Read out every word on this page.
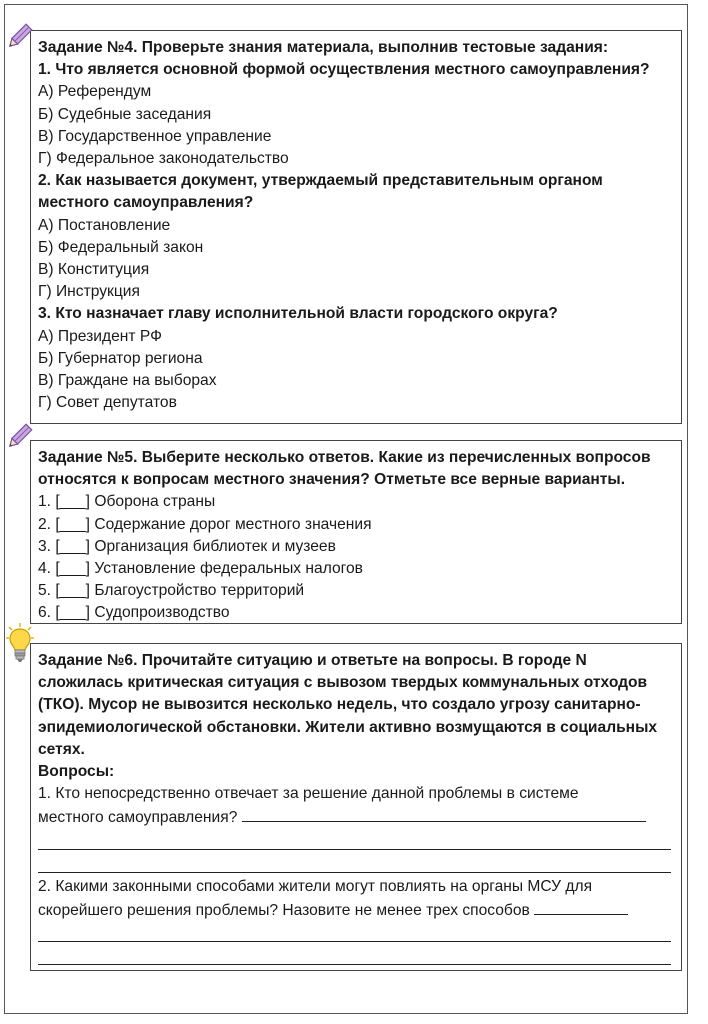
Задание №4. Проверьте знания материала, выполнив тестовые задания:
1. Что является основной формой осуществления местного самоуправления?
А) Референдум
Б) Судебные заседания
В) Государственное управление
Г) Федеральное законодательство
2. Как называется документ, утверждаемый представительным органом местного самоуправления?
А) Постановление
Б) Федеральный закон
В) Конституция
Г) Инструкция
3. Кто назначает главу исполнительной власти городского округа?
А) Президент РФ
Б) Губернатор региона
В) Граждане на выборах
Г) Совет депутатов
Задание №5. Выберите несколько ответов. Какие из перечисленных вопросов относятся к вопросам местного значения? Отметьте все верные варианты.
1. [___] Оборона страны
2. [___] Содержание дорог местного значения
3. [___] Организация библиотек и музеев
4. [___] Установление федеральных налогов
5. [___] Благоустройство территорий
6. [___] Судопроизводство
Задание №6. Прочитайте ситуацию и ответьте на вопросы. В городе N сложилась критическая ситуация с вывозом твердых коммунальных отходов (ТКО). Мусор не вывозится несколько недель, что создало угрозу санитарно-эпидемиологической обстановки. Жители активно возмущаются в социальных сетях.
Вопросы:
1. Кто непосредственно отвечает за решение данной проблемы в системе
местного самоуправления?
2. Какими законными способами жители могут повлиять на органы МСУ для
скорейшего решения проблемы? Назовите не менее трех способов
